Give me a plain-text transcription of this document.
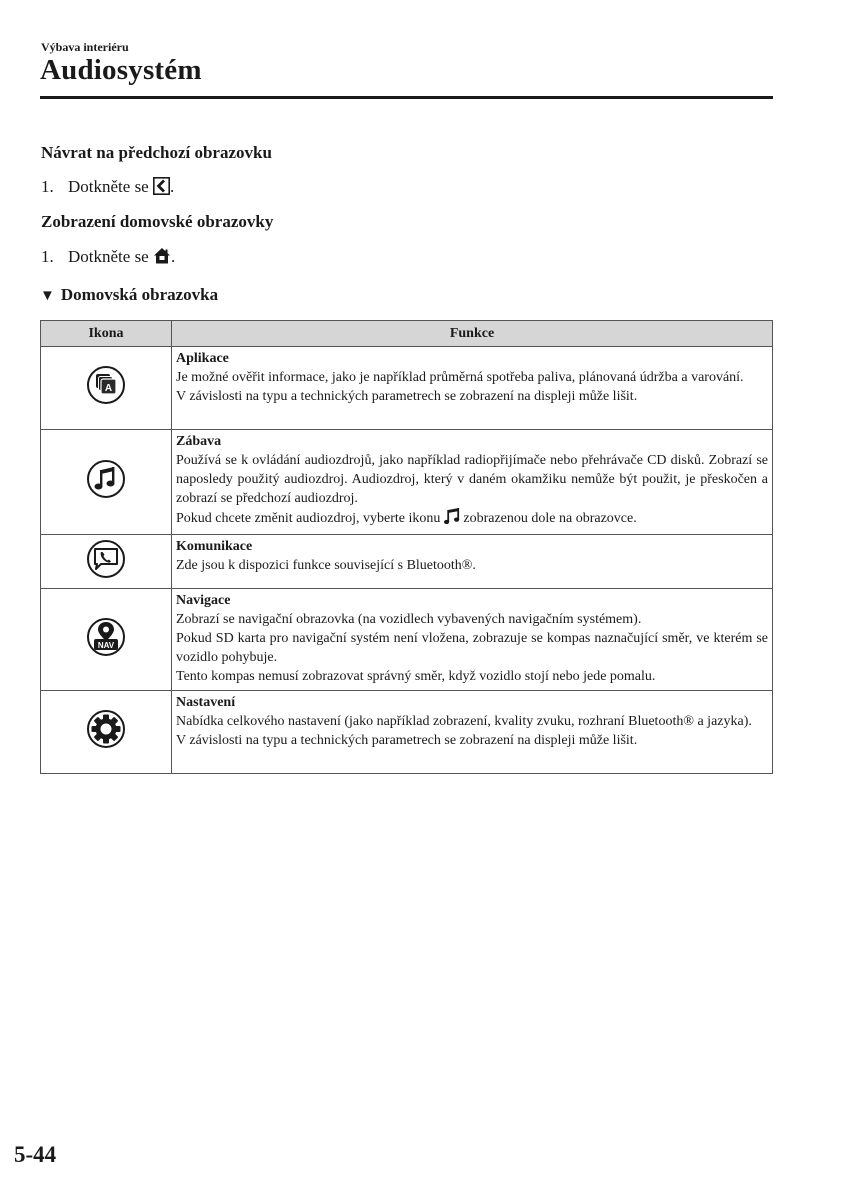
Výbava interiéru
Audiosystém
Návrat na předchozí obrazovku
1. Dotkněte se .
Zobrazení domovské obrazovky
1. Dotkněte se .
▼ Domovská obrazovka
Ikona	Funkce

A	Aplikace
Je možné ověřit informace, jako je například průměrná spotřeba paliva, plánovaná údržba a varování.
V závislosti na typu a technických parametrech se zobrazení na displeji může lišit.

Zábava
Používá se k ovládání audiozdrojů, jako například radiopřijímače nebo přehrávače CD disků. Zobrazí se naposledy použitý audiozdroj. Audiozdroj, který v daném okamžiku nemůže být použit, je přeskočen a zobrazí se předchozí audiozdroj.
Pokud chcete změnit audiozdroj, vyberte ikonu zobrazenou dole na obrazovce.

Komunikace
Zde jsou k dispozici funkce související s Bluetooth®.

NAV	Navigace
Zobrazí se navigační obrazovka (na vozidlech vybavených navigačním systémem).
Pokud SD karta pro navigační systém není vložena, zobrazuje se kompas naznačující směr, ve kterém se vozidlo pohybuje.
Tento kompas nemusí zobrazovat správný směr, když vozidlo stojí nebo jede pomalu.

Nastavení
Nabídka celkového nastavení (jako například zobrazení, kvality zvuku, rozhraní Bluetooth® a jazyka).
V závislosti na typu a technických parametrech se zobrazení na displeji může lišit.
5-44
